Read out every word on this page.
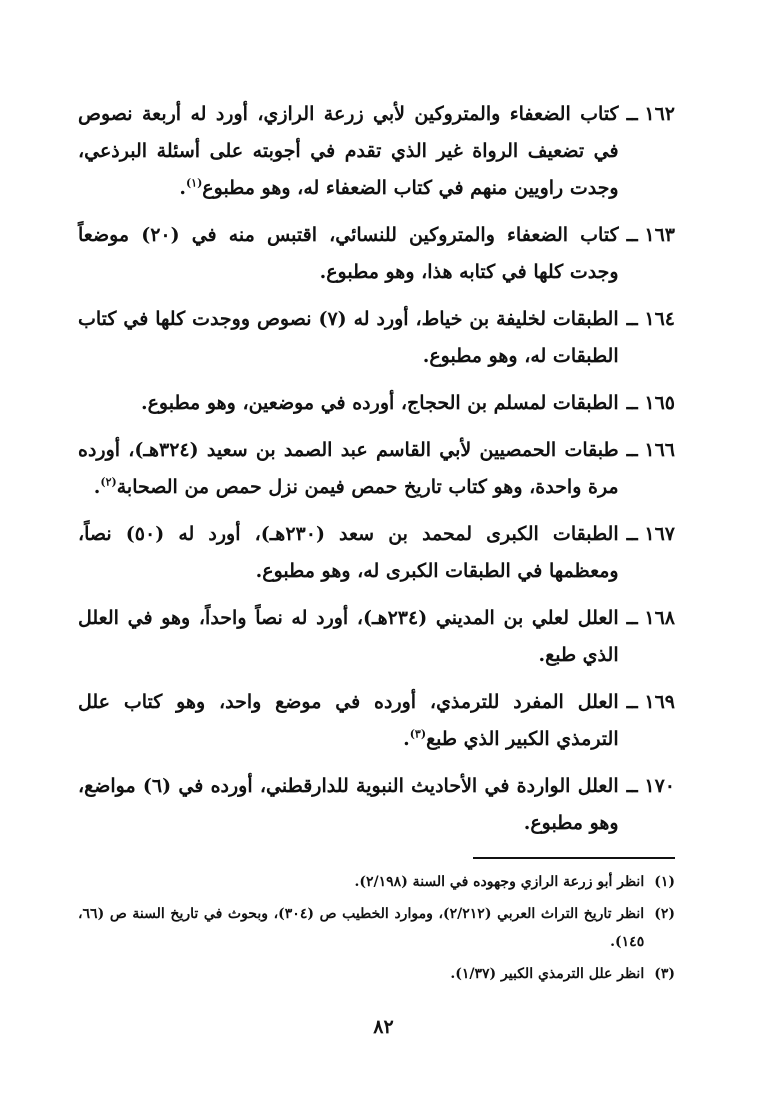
١٦٢ ــ
كتاب الضعفاء والمتروكين لأبي زرعة الرازي، أورد له أربعة نصوص في تضعيف الرواة غير الذي تقدم في أجوبته على أسئلة البرذعي، وجدت راويين منهم في كتاب الضعفاء له، وهو مطبوع$^{(١)}$.
١٦٣ ــ
كتاب الضعفاء والمتروكين للنسائي، اقتبس منه في (٢٠) موضعاً وجدت كلها في كتابه هذا، وهو مطبوع.
١٦٤ ــ
الطبقات لخليفة بن خياط، أورد له (٧) نصوص ووجدت كلها في كتاب الطبقات له، وهو مطبوع.
١٦٥ ــ
الطبقات لمسلم بن الحجاج، أورده في موضعين، وهو مطبوع.
١٦٦ ــ
طبقات الحمصيين لأبي القاسم عبد الصمد بن سعيد (٣٢٤هـ)، أورده مرة واحدة، وهو كتاب تاريخ حمص فيمن نزل حمص من الصحابة$^{(٢)}$.
١٦٧ ــ
الطبقات الكبرى لمحمد بن سعد (٢٣٠هـ)، أورد له (٥٠) نصاً، ومعظمها في الطبقات الكبرى له، وهو مطبوع.
١٦٨ ــ
العلل لعلي بن المديني (٢٣٤هـ)، أورد له نصاً واحداً، وهو في العلل الذي طبع.
١٦٩ ــ
العلل المفرد للترمذي، أورده في موضع واحد، وهو كتاب علل الترمذي الكبير الذي طبع$^{(٣)}$.
١٧٠ ــ
العلل الواردة في الأحاديث النبوية للدارقطني، أورده في (٦) مواضع، وهو مطبوع.
(١)
انظر أبو زرعة الرازي وجهوده في السنة (٢/١٩٨).
(٢)
انظر تاريخ التراث العربي (٢/٢١٢)، وموارد الخطيب ص (٣٠٤)، وبحوث في تاريخ السنة ص (٦٦، ١٤٥).
(٣)
انظر علل الترمذي الكبير (١/٣٧).
٨٢
